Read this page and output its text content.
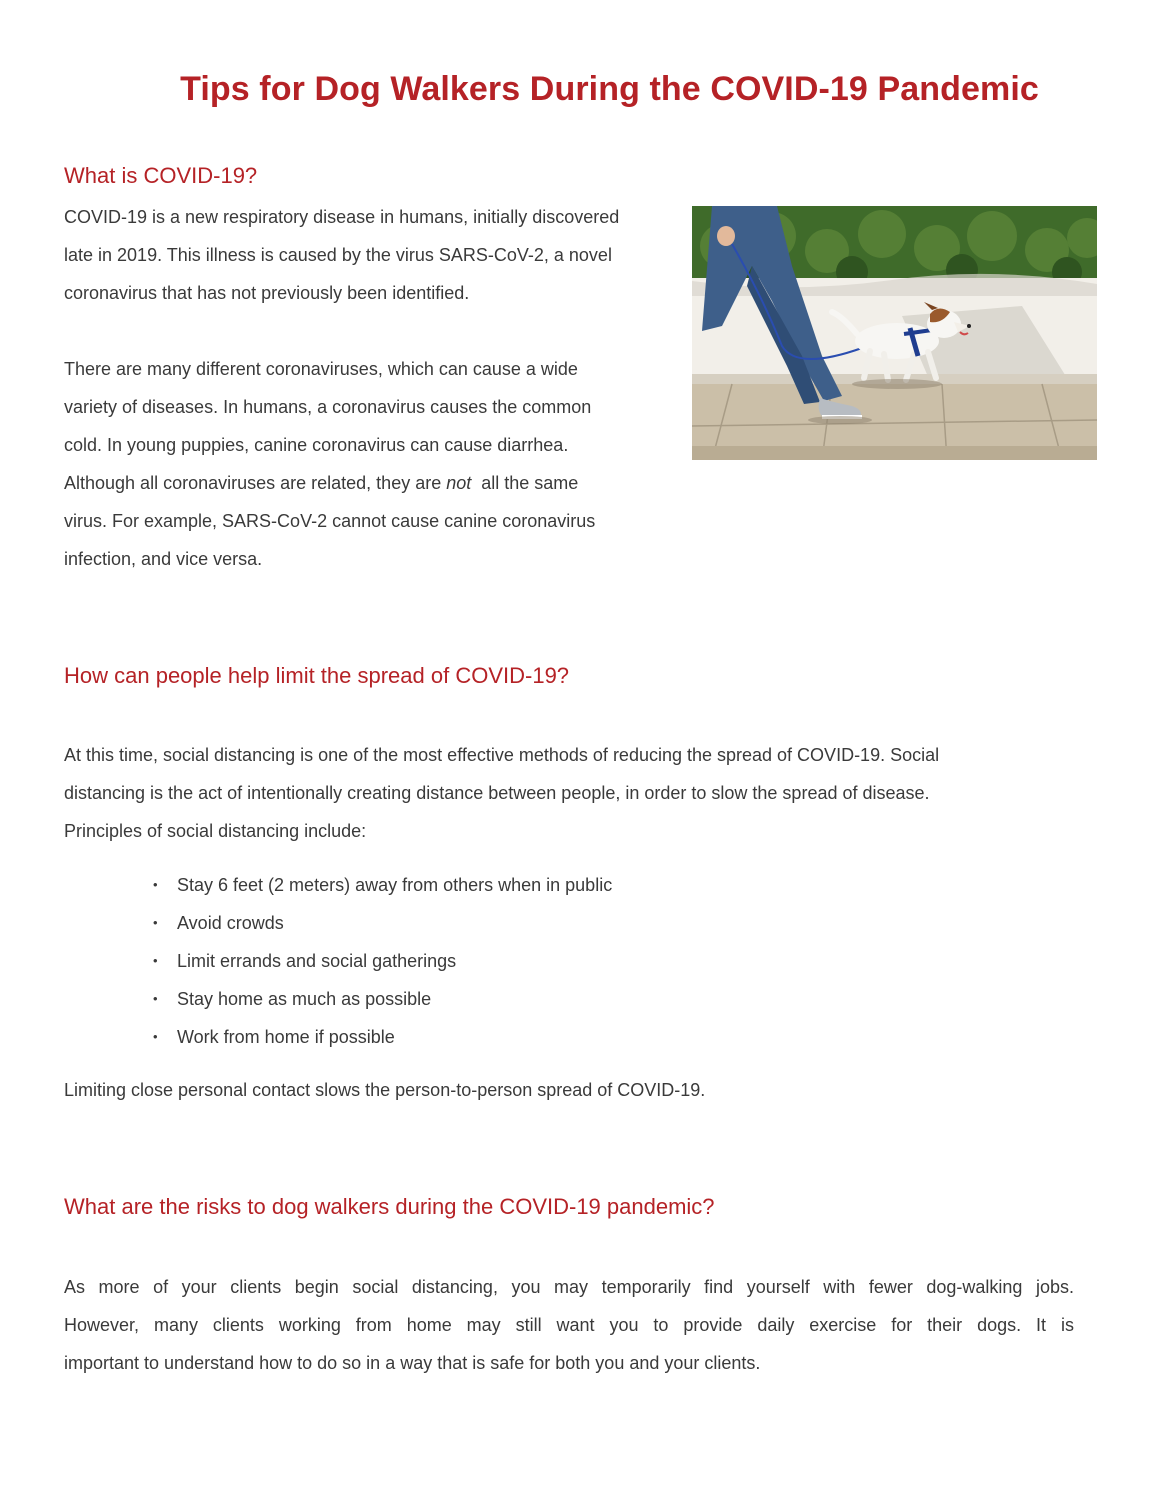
Tips for Dog Walkers During the COVID-19 Pandemic
What is COVID-19?
COVID-19 is a new respiratory disease in humans, initially discovered
late in 2019. This illness is caused by the virus SARS-CoV-2, a novel
coronavirus that has not previously been identified.
There are many different coronaviruses, which can cause a wide
variety of diseases. In humans, a coronavirus causes the common
cold. In young puppies, canine coronavirus can cause diarrhea.
Although all coronaviruses are related, they are not  all the same
virus. For example, SARS-CoV-2 cannot cause canine coronavirus
infection, and vice versa.
How can people help limit the spread of COVID-19?
At this time, social distancing is one of the most effective methods of reducing the spread of COVID-19. Social
distancing is the act of intentionally creating distance between people, in order to slow the spread of disease.
Principles of social distancing include:
• Stay 6 feet (2 meters) away from others when in public
• Avoid crowds
• Limit errands and social gatherings
• Stay home as much as possible
• Work from home if possible
Limiting close personal contact slows the person-to-person spread of COVID-19.
What are the risks to dog walkers during the COVID-19 pandemic?
As more of your clients begin social distancing, you may temporarily find yourself with fewer dog-walking jobs.
However, many clients working from home may still want you to provide daily exercise for their dogs. It is
important to understand how to do so in a way that is safe for both you and your clients.
